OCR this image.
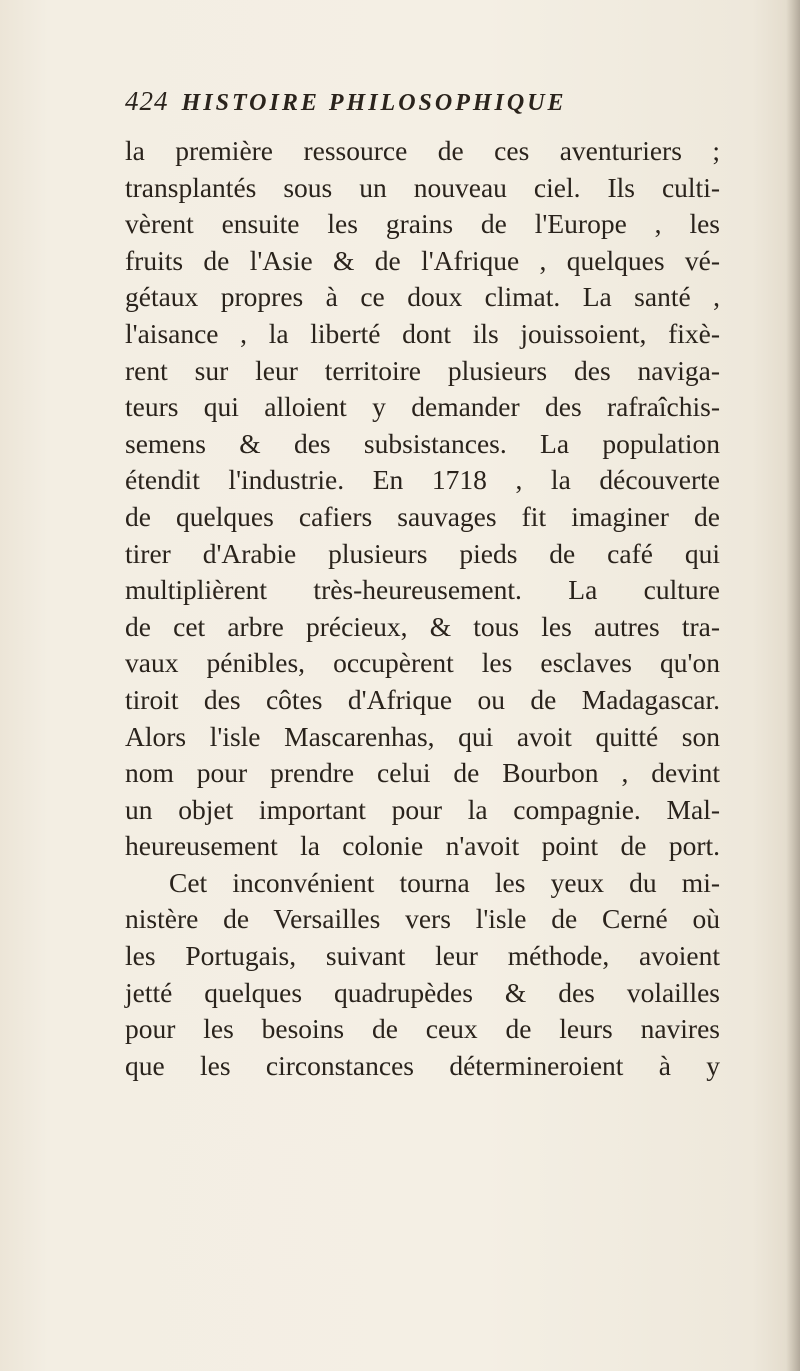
424 HISTOIRE PHILOSOPHIQUE
la première ressource de ces aventuriers ;
transplantés sous un nouveau ciel. Ils culti-
vèrent ensuite les grains de l'Europe , les
fruits de l'Asie & de l'Afrique , quelques vé-
gétaux propres à ce doux climat. La santé ,
l'aisance , la liberté dont ils jouissoient, fixè-
rent sur leur territoire plusieurs des naviga-
teurs qui alloient y demander des rafraîchis-
semens & des subsistances. La population
étendit l'industrie. En 1718 , la découverte
de quelques cafiers sauvages fit imaginer de
tirer d'Arabie plusieurs pieds de café qui
multiplièrent très-heureusement. La culture
de cet arbre précieux, & tous les autres tra-
vaux pénibles, occupèrent les esclaves qu'on
tiroit des côtes d'Afrique ou de Madagascar.
Alors l'isle Mascarenhas, qui avoit quitté son
nom pour prendre celui de Bourbon , devint
un objet important pour la compagnie. Mal-
heureusement la colonie n'avoit point de port.
Cet inconvénient tourna les yeux du mi-
nistère de Versailles vers l'isle de Cerné où
les Portugais, suivant leur méthode, avoient
jetté quelques quadrupèdes & des volailles
pour les besoins de ceux de leurs navires
que les circonstances détermineroient à y
